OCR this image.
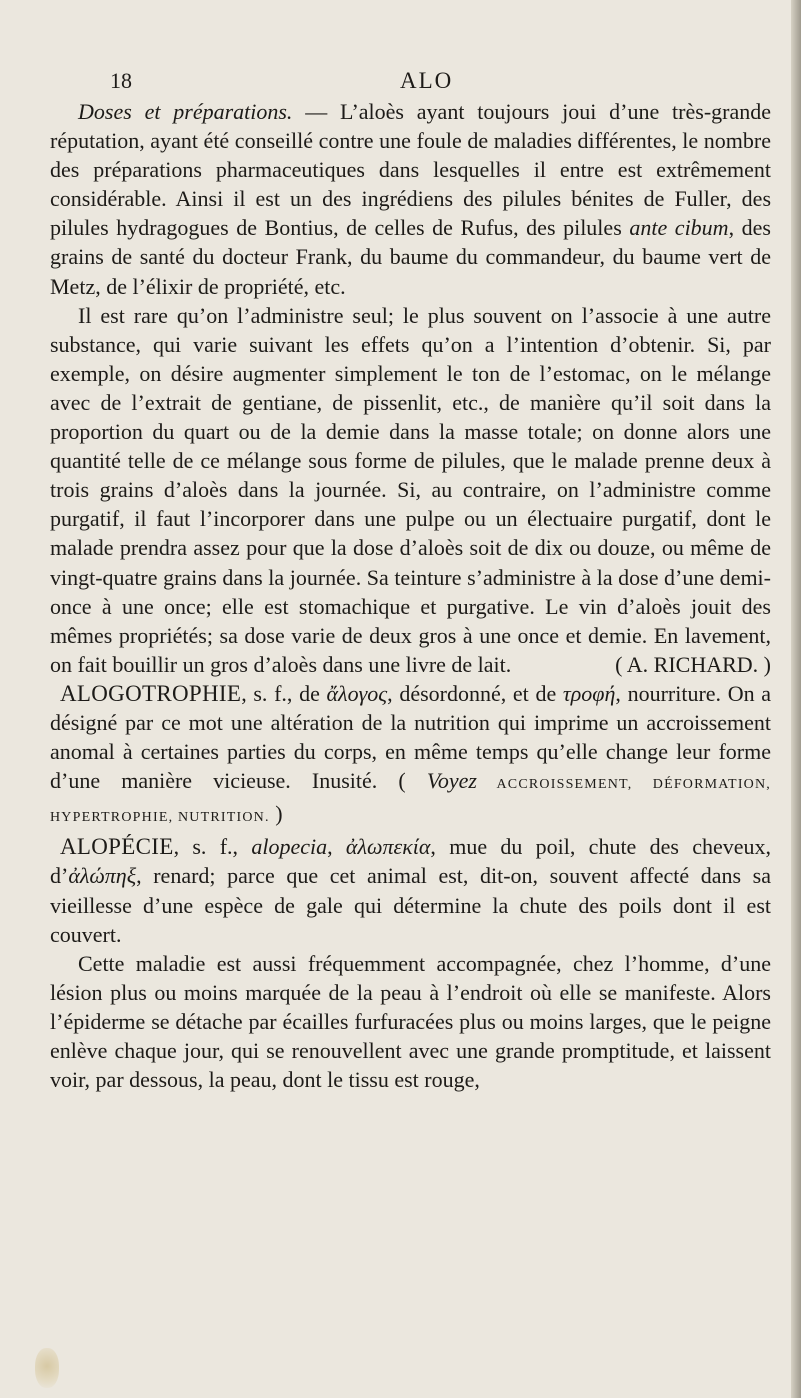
18	ALO

Doses et préparations. — L’aloès ayant toujours joui d’une très-grande réputation, ayant été conseillé contre une foule de maladies différentes, le nombre des préparations pharmaceutiques dans lesquelles il entre est extrêmement considérable. Ainsi il est un des ingrédiens des pilules bénites de Fuller, des pilules hydragogues de Bontius, de celles de Rufus, des pilules ante cibum, des grains de santé du docteur Frank, du baume du commandeur, du baume vert de Metz, de l’élixir de propriété, etc.

Il est rare qu’on l’administre seul; le plus souvent on l’associe à une autre substance, qui varie suivant les effets qu’on a l’intention d’obtenir. Si, par exemple, on désire augmenter simplement le ton de l’estomac, on le mélange avec de l’extrait de gentiane, de pissenlit, etc., de manière qu’il soit dans la proportion du quart ou de la demie dans la masse totale; on donne alors une quantité telle de ce mélange sous forme de pilules, que le malade prenne deux à trois grains d’aloès dans la journée. Si, au contraire, on l’administre comme purgatif, il faut l’incorporer dans une pulpe ou un électuaire purgatif, dont le malade prendra assez pour que la dose d’aloès soit de dix ou douze, ou même de vingt-quatre grains dans la journée. Sa teinture s’administre à la dose d’une demi-once à une once; elle est stomachique et purgative. Le vin d’aloès jouit des mêmes propriétés; sa dose varie de deux gros à une once et demie. En lavement, on fait bouillir un gros d’aloès dans une livre de lait.	( A. RICHARD. )

ALOGOTROPHIE, s. f., de ἄλογος, désordonné, et de τροφή, nourriture. On a désigné par ce mot une altération de la nutrition qui imprime un accroissement anomal à certaines parties du corps, en même temps qu’elle change leur forme d’une manière vicieuse. Inusité. ( Voyez ACCROISSEMENT, DÉFORMATION, HYPERTROPHIE, NUTRITION. )

ALOPÉCIE, s. f., alopecia, ἀλωπεκία, mue du poil, chute des cheveux, d’ἀλώπηξ, renard; parce que cet animal est, dit-on, souvent affecté dans sa vieillesse d’une espèce de gale qui détermine la chute des poils dont il est couvert.

Cette maladie est aussi fréquemment accompagnée, chez l’homme, d’une lésion plus ou moins marquée de la peau à l’endroit où elle se manifeste. Alors l’épiderme se détache par écailles furfuracées plus ou moins larges, que le peigne enlève chaque jour, qui se renouvellent avec une grande promptitude, et laissent voir, par dessous, la peau, dont le tissu est rouge,
